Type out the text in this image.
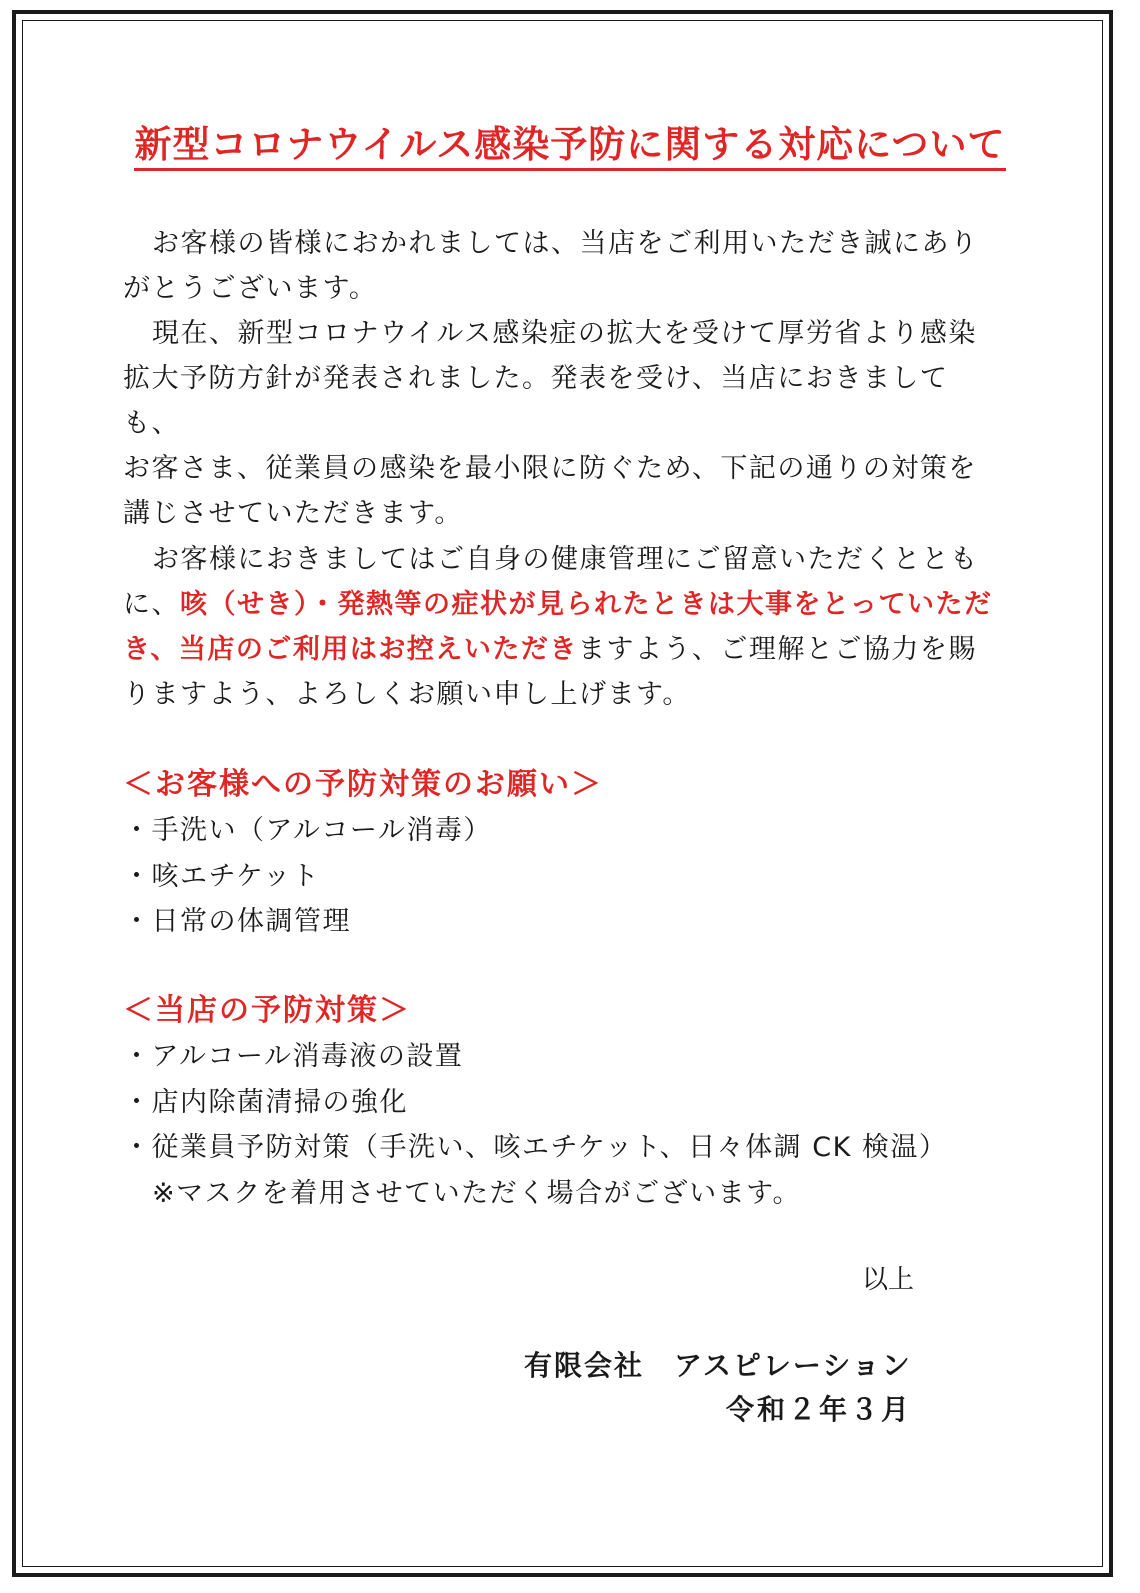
新型コロナウイルス感染予防に関する対応について

お客様の皆様におかれましては、当店をご利用いただき誠にあり
がとうございます。

現在、新型コロナウイルス感染症の拡大を受けて厚労省より感染
拡大予防方針が発表されました。発表を受け、当店におきましても、
お客さま、従業員の感染を最小限に防ぐため、下記の通りの対策を
講じさせていただきます。

お客様におきましてはご自身の健康管理にご留意いただくととも
に、咳（せき）・発熱等の症状が見られたときは大事をとっていただ
き、当店のご利用はお控えいただきますよう、ご理解とご協力を賜
りますよう、よろしくお願い申し上げます。

＜お客様への予防対策のお願い＞
・手洗い（アルコール消毒）
・咳エチケット
・日常の体調管理
＜当店の予防対策＞
・アルコール消毒液の設置
・店内除菌清掃の強化
・従業員予防対策（手洗い、咳エチケット、日々体調 CK 検温）
※マスクを着用させていただく場合がございます。
以上
有限会社 アスピレーション
令和２年３月
